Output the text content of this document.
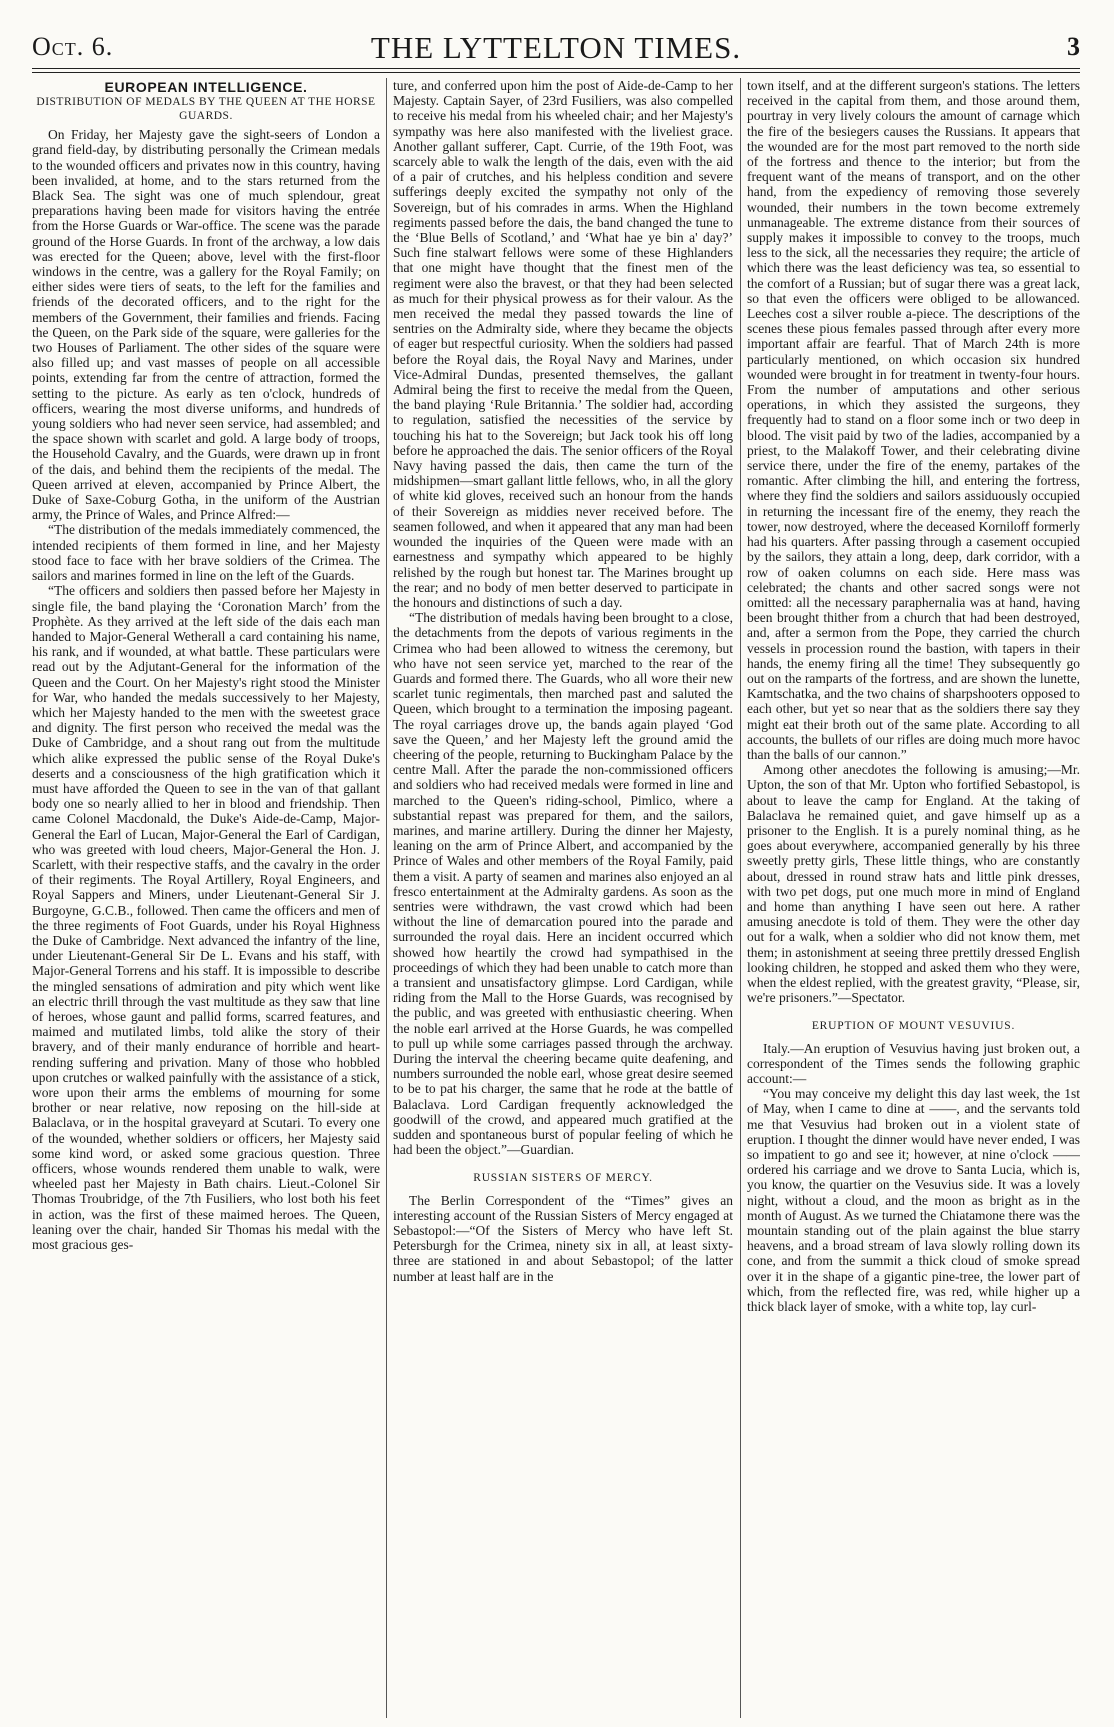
Oct. 6.	THE LYTTELTON TIMES.	3
EUROPEAN INTELLIGENCE.
DISTRIBUTION OF MEDALS BY THE QUEEN AT THE HORSE GUARDS.

On Friday, her Majesty gave the sight-seers of London a grand field-day, by distributing personally the Crimean medals to the wounded officers and privates now in this country, having been invalided, at home, and to the stars returned from the Black Sea. The sight was one of much splendour, great preparations having been made for visitors having the entrée from the Horse Guards or War-office. The scene was the parade ground of the Horse Guards. In front of the archway, a low dais was erected for the Queen; above, level with the first-floor windows in the centre, was a gallery for the Royal Family; on either sides were tiers of seats, to the left for the families and friends of the decorated officers, and to the right for the members of the Government, their families and friends. Facing the Queen, on the Park side of the square, were galleries for the two Houses of Parliament. The other sides of the square were also filled up; and vast masses of people on all accessible points, extending far from the centre of attraction, formed the setting to the picture. As early as ten o'clock, hundreds of officers, wearing the most diverse uniforms, and hundreds of young soldiers who had never seen service, had assembled; and the space shown with scarlet and gold. A large body of troops, the Household Cavalry, and the Guards, were drawn up in front of the dais, and behind them the recipients of the medal. The Queen arrived at eleven, accompanied by Prince Albert, the Duke of Saxe-Coburg Gotha, in the uniform of the Austrian army, the Prince of Wales, and Prince Alfred:—

“The distribution of the medals immediately commenced, the intended recipients of them formed in line, and her Majesty stood face to face with her brave soldiers of the Crimea. The sailors and marines formed in line on the left of the Guards.

“The officers and soldiers then passed before her Majesty in single file, the band playing the ‘Coronation March’ from the Prophète. As they arrived at the left side of the dais each man handed to Major-General Wetherall a card containing his name, his rank, and if wounded, at what battle. These particulars were read out by the Adjutant-General for the information of the Queen and the Court. On her Majesty's right stood the Minister for War, who handed the medals successively to her Majesty, which her Majesty handed to the men with the sweetest grace and dignity. The first person who received the medal was the Duke of Cambridge, and a shout rang out from the multitude which alike expressed the public sense of the Royal Duke's deserts and a consciousness of the high gratification which it must have afforded the Queen to see in the van of that gallant body one so nearly allied to her in blood and friendship. Then came Colonel Macdonald, the Duke's Aide-de-Camp, Major-General the Earl of Lucan, Major-General the Earl of Cardigan, who was greeted with loud cheers, Major-General the Hon. J. Scarlett, with their respective staffs, and the cavalry in the order of their regiments. The Royal Artillery, Royal Engineers, and Royal Sappers and Miners, under Lieutenant-General Sir J. Burgoyne, G.C.B., followed. Then came the officers and men of the three regiments of Foot Guards, under his Royal Highness the Duke of Cambridge. Next advanced the infantry of the line, under Lieutenant-General Sir De L. Evans and his staff, with Major-General Torrens and his staff. It is impossible to describe the mingled sensations of admiration and pity which went like an electric thrill through the vast multitude as they saw that line of heroes, whose gaunt and pallid forms, scarred features, and maimed and mutilated limbs, told alike the story of their bravery, and of their manly endurance of horrible and heart-rending suffering and privation. Many of those who hobbled upon crutches or walked painfully with the assistance of a stick, wore upon their arms the emblems of mourning for some brother or near relative, now reposing on the hill-side at Balaclava, or in the hospital graveyard at Scutari. To every one of the wounded, whether soldiers or officers, her Majesty said some kind word, or asked some gracious question. Three officers, whose wounds rendered them unable to walk, were wheeled past her Majesty in Bath chairs. Lieut.-Colonel Sir Thomas Troubridge, of the 7th Fusiliers, who lost both his feet in action, was the first of these maimed heroes. The Queen, leaning over the chair, handed Sir Thomas his medal with the most gracious ges-

ture, and conferred upon him the post of Aide-de-Camp to her Majesty. Captain Sayer, of 23rd Fusiliers, was also compelled to receive his medal from his wheeled chair; and her Majesty's sympathy was here also manifested with the liveliest grace. Another gallant sufferer, Capt. Currie, of the 19th Foot, was scarcely able to walk the length of the dais, even with the aid of a pair of crutches, and his helpless condition and severe sufferings deeply excited the sympathy not only of the Sovereign, but of his comrades in arms. When the Highland regiments passed before the dais, the band changed the tune to the ‘Blue Bells of Scotland,’ and ‘What hae ye bin a' day?’ Such fine stalwart fellows were some of these Highlanders that one might have thought that the finest men of the regiment were also the bravest, or that they had been selected as much for their physical prowess as for their valour. As the men received the medal they passed towards the line of sentries on the Admiralty side, where they became the objects of eager but respectful curiosity. When the soldiers had passed before the Royal dais, the Royal Navy and Marines, under Vice-Admiral Dundas, presented themselves, the gallant Admiral being the first to receive the medal from the Queen, the band playing ‘Rule Britannia.’ The soldier had, according to regulation, satisfied the necessities of the service by touching his hat to the Sovereign; but Jack took his off long before he approached the dais. The senior officers of the Royal Navy having passed the dais, then came the turn of the midshipmen—smart gallant little fellows, who, in all the glory of white kid gloves, received such an honour from the hands of their Sovereign as middies never received before. The seamen followed, and when it appeared that any man had been wounded the inquiries of the Queen were made with an earnestness and sympathy which appeared to be highly relished by the rough but honest tar. The Marines brought up the rear; and no body of men better deserved to participate in the honours and distinctions of such a day.

“The distribution of medals having been brought to a close, the detachments from the depots of various regiments in the Crimea who had been allowed to witness the ceremony, but who have not seen service yet, marched to the rear of the Guards and formed there. The Guards, who all wore their new scarlet tunic regimentals, then marched past and saluted the Queen, which brought to a termination the imposing pageant. The royal carriages drove up, the bands again played ‘God save the Queen,’ and her Majesty left the ground amid the cheering of the people, returning to Buckingham Palace by the centre Mall. After the parade the non-commissioned officers and soldiers who had received medals were formed in line and marched to the Queen's riding-school, Pimlico, where a substantial repast was prepared for them, and the sailors, marines, and marine artillery. During the dinner her Majesty, leaning on the arm of Prince Albert, and accompanied by the Prince of Wales and other members of the Royal Family, paid them a visit. A party of seamen and marines also enjoyed an al fresco entertainment at the Admiralty gardens. As soon as the sentries were withdrawn, the vast crowd which had been without the line of demarcation poured into the parade and surrounded the royal dais. Here an incident occurred which showed how heartily the crowd had sympathised in the proceedings of which they had been unable to catch more than a transient and unsatisfactory glimpse. Lord Cardigan, while riding from the Mall to the Horse Guards, was recognised by the public, and was greeted with enthusiastic cheering. When the noble earl arrived at the Horse Guards, he was compelled to pull up while some carriages passed through the archway. During the interval the cheering became quite deafening, and numbers surrounded the noble earl, whose great desire seemed to be to pat his charger, the same that he rode at the battle of Balaclava. Lord Cardigan frequently acknowledged the goodwill of the crowd, and appeared much gratified at the sudden and spontaneous burst of popular feeling of which he had been the object.”—Guardian.

RUSSIAN SISTERS OF MERCY.

The Berlin Correspondent of the “Times” gives an interesting account of the Russian Sisters of Mercy engaged at Sebastopol:—“Of the Sisters of Mercy who have left St. Petersburgh for the Crimea, ninety six in all, at least sixty-three are stationed in and about Sebastopol; of the latter number at least half are in the

town itself, and at the different surgeon's stations. The letters received in the capital from them, and those around them, pourtray in very lively colours the amount of carnage which the fire of the besiegers causes the Russians. It appears that the wounded are for the most part removed to the north side of the fortress and thence to the interior; but from the frequent want of the means of transport, and on the other hand, from the expediency of removing those severely wounded, their numbers in the town become extremely unmanageable. The extreme distance from their sources of supply makes it impossible to convey to the troops, much less to the sick, all the necessaries they require; the article of which there was the least deficiency was tea, so essential to the comfort of a Russian; but of sugar there was a great lack, so that even the officers were obliged to be allowanced. Leeches cost a silver rouble a-piece. The descriptions of the scenes these pious females passed through after every more important affair are fearful. That of March 24th is more particularly mentioned, on which occasion six hundred wounded were brought in for treatment in twenty-four hours. From the number of amputations and other serious operations, in which they assisted the surgeons, they frequently had to stand on a floor some inch or two deep in blood. The visit paid by two of the ladies, accompanied by a priest, to the Malakoff Tower, and their celebrating divine service there, under the fire of the enemy, partakes of the romantic. After climbing the hill, and entering the fortress, where they find the soldiers and sailors assiduously occupied in returning the incessant fire of the enemy, they reach the tower, now destroyed, where the deceased Korniloff formerly had his quarters. After passing through a casement occupied by the sailors, they attain a long, deep, dark corridor, with a row of oaken columns on each side. Here mass was celebrated; the chants and other sacred songs were not omitted: all the necessary paraphernalia was at hand, having been brought thither from a church that had been destroyed, and, after a sermon from the Pope, they carried the church vessels in procession round the bastion, with tapers in their hands, the enemy firing all the time! They subsequently go out on the ramparts of the fortress, and are shown the lunette, Kamtschatka, and the two chains of sharpshooters opposed to each other, but yet so near that as the soldiers there say they might eat their broth out of the same plate. According to all accounts, the bullets of our rifles are doing much more havoc than the balls of our cannon.”

Among other anecdotes the following is amusing;—Mr. Upton, the son of that Mr. Upton who fortified Sebastopol, is about to leave the camp for England. At the taking of Balaclava he remained quiet, and gave himself up as a prisoner to the English. It is a purely nominal thing, as he goes about everywhere, accompanied generally by his three sweetly pretty girls, These little things, who are constantly about, dressed in round straw hats and little pink dresses, with two pet dogs, put one much more in mind of England and home than anything I have seen out here. A rather amusing anecdote is told of them. They were the other day out for a walk, when a soldier who did not know them, met them; in astonishment at seeing three prettily dressed English looking children, he stopped and asked them who they were, when the eldest replied, with the greatest gravity, “Please, sir, we're prisoners.”—Spectator.

ERUPTION OF MOUNT VESUVIUS.

Italy.—An eruption of Vesuvius having just broken out, a correspondent of the Times sends the following graphic account:—

“You may conceive my delight this day last week, the 1st of May, when I came to dine at ——, and the servants told me that Vesuvius had broken out in a violent state of eruption. I thought the dinner would have never ended, I was so impatient to go and see it; however, at nine o'clock —— ordered his carriage and we drove to Santa Lucia, which is, you know, the quartier on the Vesuvius side. It was a lovely night, without a cloud, and the moon as bright as in the month of August. As we turned the Chiatamone there was the mountain standing out of the plain against the blue starry heavens, and a broad stream of lava slowly rolling down its cone, and from the summit a thick cloud of smoke spread over it in the shape of a gigantic pine-tree, the lower part of which, from the reflected fire, was red, while higher up a thick black layer of smoke, with a white top, lay curl-
